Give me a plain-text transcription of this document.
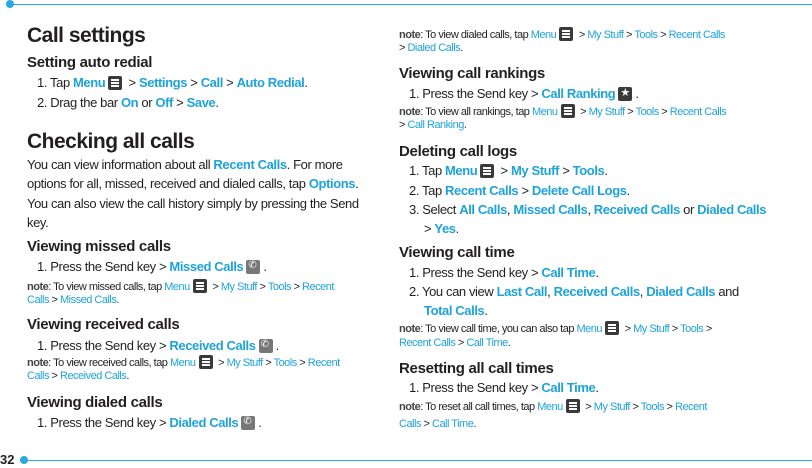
32
Call settings
Setting auto redial
1. Tap Menu > Settings > Call > Auto Redial.
2. Drag the bar On or Off > Save.
Checking all calls
You can view information about all Recent Calls. For more
options for all, missed, received and dialed calls, tap Options.
You can also view the call history simply by pressing the Send
key.
Viewing missed calls
1. Press the Send key > Missed Calls ✆ .
note: To view missed calls, tap Menu > My Stuff > Tools > Recent
Calls > Missed Calls.
Viewing received calls
1. Press the Send key > Received Calls ✆ .
note: To view received calls, tap Menu > My Stuff > Tools > Recent
Calls > Received Calls.
Viewing dialed calls
1. Press the Send key > Dialed Calls ✆ .
note: To view dialed calls, tap Menu > My Stuff > Tools > Recent Calls
> Dialed Calls.
Viewing call rankings
1. Press the Send key > Call Ranking ★ .
note: To view all rankings, tap Menu > My Stuff > Tools > Recent Calls
> Call Ranking.
Deleting call logs
1. Tap Menu > My Stuff > Tools.
2. Tap Recent Calls > Delete Call Logs.
3. Select All Calls, Missed Calls, Received Calls or Dialed Calls
> Yes.
Viewing call time
1. Press the Send key > Call Time.
2. You can view Last Call, Received Calls, Dialed Calls and
Total Calls.
note: To view call time, you can also tap Menu > My Stuff > Tools >
Recent Calls > Call Time.
Resetting all call times
1. Press the Send key > Call Time.
note: To reset all call times, tap Menu > My Stuff > Tools > Recent
Calls > Call Time.
